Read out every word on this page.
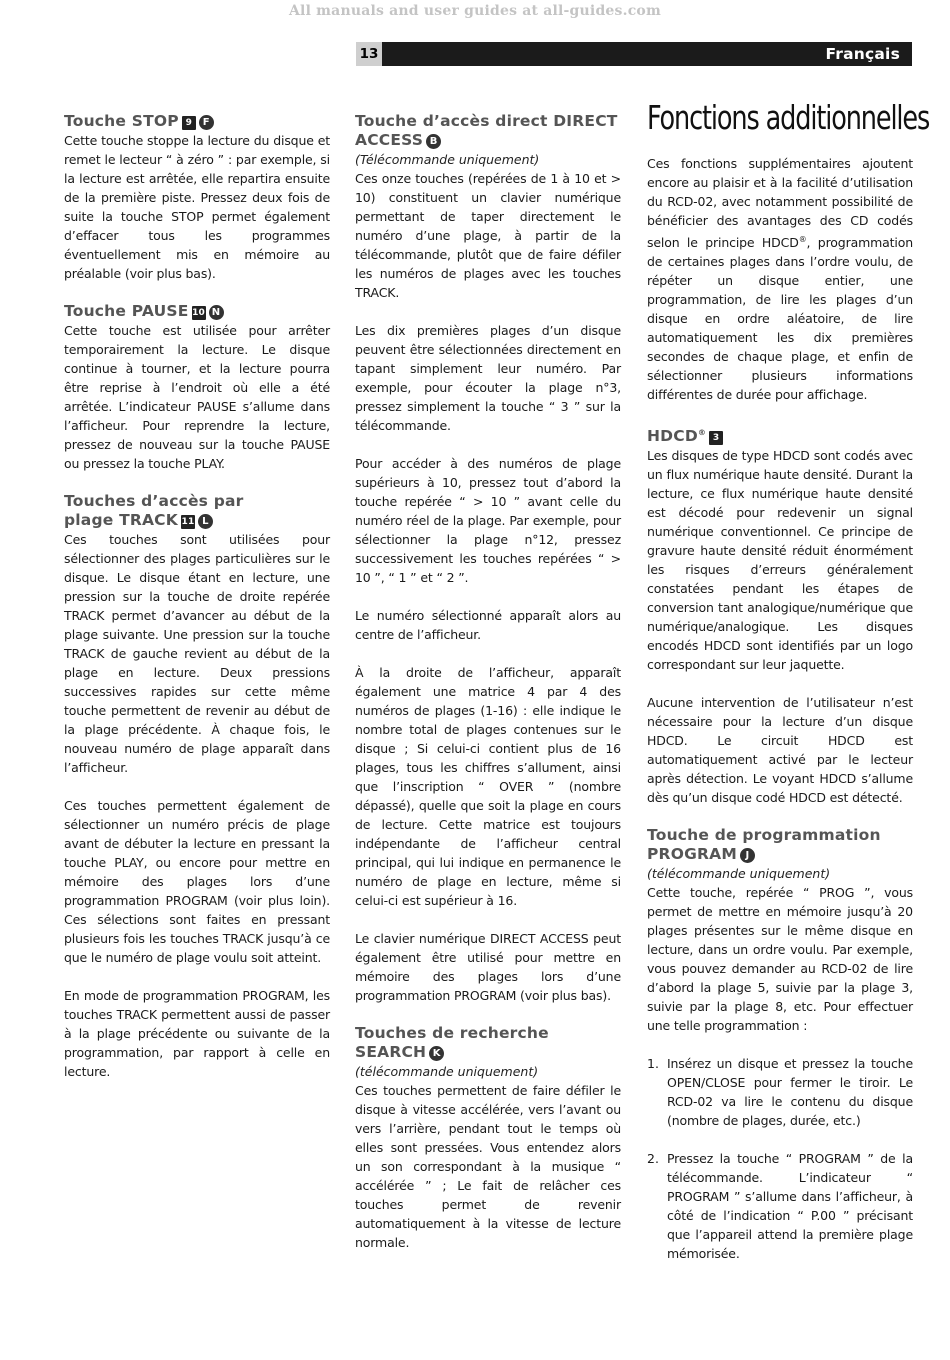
All manuals and user guides at all-guides.com
13	Français
Touche STOP 9 F

Cette touche stoppe la lecture du disque et remet le lecteur “ à zéro ” : par exemple, si la lecture est arrêtée, elle repartira ensuite de la première piste. Pressez deux fois de suite la touche STOP permet également d’effacer tous les programmes éventuellement mis en mémoire au préalable (voir plus bas).

Touche PAUSE 10 N

Cette touche est utilisée pour arrêter temporairement la lecture. Le disque continue à tourner, et la lecture pourra être reprise à l’endroit où elle a été arrêtée. L’indicateur PAUSE s’allume dans l’afficheur. Pour reprendre la lecture, pressez de nouveau sur la touche PAUSE ou pressez la touche PLAY.

Touches d’accès par
plage TRACK 11 L

Ces touches sont utilisées pour sélectionner des plages particulières sur le disque. Le disque étant en lecture, une pression sur la touche de droite repérée TRACK permet d’avancer au début de la plage suivante. Une pression sur la touche TRACK de gauche revient au début de la plage en lecture. Deux pressions successives rapides sur cette même touche permettent de revenir au début de la plage précédente. À chaque fois, le nouveau numéro de plage apparaît dans l’afficheur.

Ces touches permettent également de sélectionner un numéro précis de plage avant de débuter la lecture en pressant la touche PLAY, ou encore pour mettre en mémoire des plages lors d’une programmation PROGRAM (voir plus loin). Ces sélections sont faites en pressant plusieurs fois les touches TRACK jusqu’à ce que le numéro de plage voulu soit atteint.

En mode de programmation PROGRAM, les touches TRACK permettent aussi de passer à la plage précédente ou suivante de la programmation, par rapport à celle en lecture.

Touche d’accès direct DIRECT
ACCESS B
(Télécommande uniquement)

Ces onze touches (repérées de 1 à 10 et > 10) constituent un clavier numérique permettant de taper directement le numéro d’une plage, à partir de la télécommande, plutôt que de faire défiler les numéros de plages avec les touches TRACK.

Les dix premières plages d’un disque peuvent être sélectionnées directement en tapant simplement leur numéro. Par exemple, pour écouter la plage n°3, pressez simplement la touche “ 3 ” sur la télécommande.

Pour accéder à des numéros de plage supérieurs à 10, pressez tout d’abord la touche repérée “ > 10 ” avant celle du numéro réel de la plage. Par exemple, pour sélectionner la plage n°12, pressez successivement les touches repérées “ > 10 ”, “ 1 ” et “ 2 ”.

Le numéro sélectionné apparaît alors au centre de l’afficheur.

À la droite de l’afficheur, apparaît également une matrice 4 par 4 des numéros de plages (1-16) : elle indique le nombre total de plages contenues sur le disque ; Si celui-ci contient plus de 16 plages, tous les chiffres s’allument, ainsi que l’inscription “ OVER ” (nombre dépassé), quelle que soit la plage en cours de lecture. Cette matrice est toujours indépendante de l’afficheur central principal, qui lui indique en permanence le numéro de plage en lecture, même si celui-ci est supérieur à 16.

Le clavier numérique DIRECT ACCESS peut également être utilisé pour mettre en mémoire des plages lors d’une programmation PROGRAM (voir plus bas).

Touches de recherche
SEARCH K
(télécommande uniquement)

Ces touches permettent de faire défiler le disque à vitesse accélérée, vers l’avant ou vers l’arrière, pendant tout le temps où elles sont pressées. Vous entendez alors un son correspondant à la musique “ accélérée ” ; Le fait de relâcher ces touches permet de revenir automatiquement à la vitesse de lecture normale.

Fonctions additionnelles

Ces fonctions supplémentaires ajoutent encore au plaisir et à la facilité d’utilisation du RCD-02, avec notamment possibilité de bénéficier des avantages des CD codés selon le principe HDCD®, programmation de certaines plages dans l’ordre voulu, de répéter un disque entier, une programmation, de lire les plages d’un disque en ordre aléatoire, de lire automatiquement les dix premières secondes de chaque plage, et enfin de sélectionner plusieurs informations différentes de durée pour affichage.

HDCD®3

Les disques de type HDCD sont codés avec un flux numérique haute densité. Durant la lecture, ce flux numérique haute densité est décodé pour redevenir un signal numérique conventionnel. Ce principe de gravure haute densité réduit énormément les risques d’erreurs généralement constatées pendant les étapes de conversion tant analogique/numérique que numérique/analogique. Les disques encodés HDCD sont identifiés par un logo correspondant sur leur jaquette.

Aucune intervention de l’utilisateur n’est nécessaire pour la lecture d’un disque HDCD. Le circuit HDCD est automatiquement activé par le lecteur après détection. Le voyant HDCD s’allume dès qu’un disque codé HDCD est détecté.

Touche de programmation
PROGRAM J
(télécommande uniquement)

Cette touche, repérée “ PROG ”, vous permet de mettre en mémoire jusqu’à 20 plages présentes sur le même disque en lecture, dans un ordre voulu. Par exemple, vous pouvez demander au RCD-02 de lire d’abord la plage 5, suivie par la plage 3, suivie par la plage 8, etc. Pour effectuer une telle programmation :

1. Insérez un disque et pressez la touche OPEN/CLOSE pour fermer le tiroir. Le RCD-02 va lire le contenu du disque (nombre de plages, durée, etc.)
2. Pressez la touche “ PROGRAM ” de la télécommande. L’indicateur “ PROGRAM ” s’allume dans l’afficheur, à côté de l’indication “ P.00 ” précisant que l’appareil attend la première plage mémorisée.
